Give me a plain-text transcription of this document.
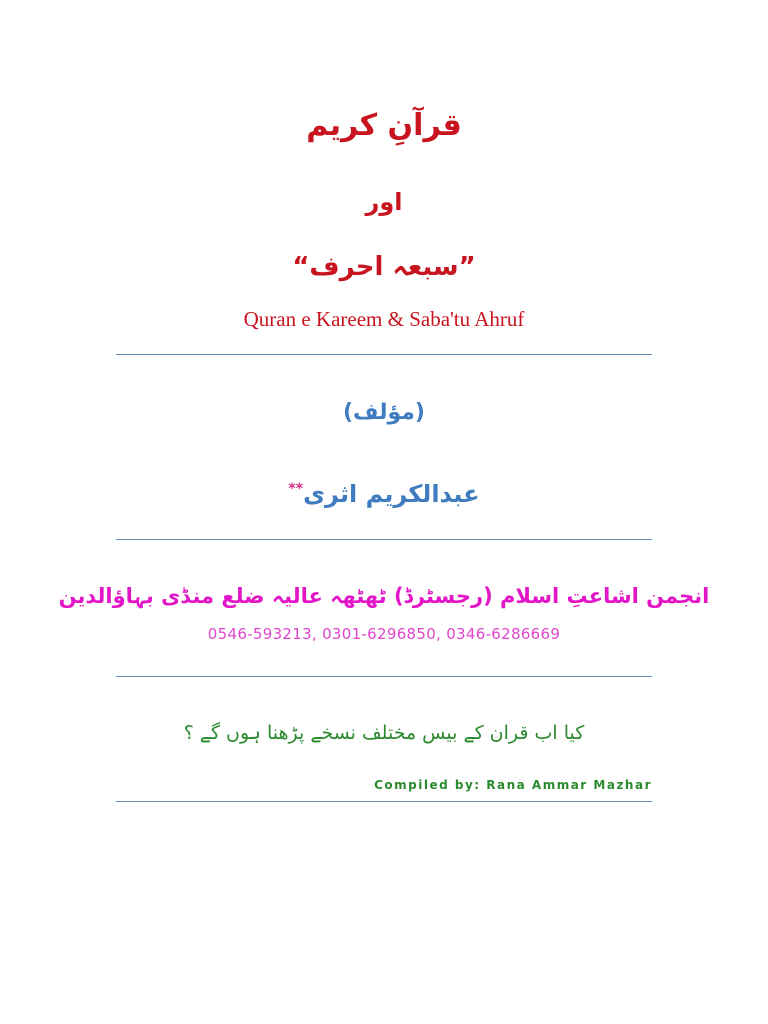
قرآنِ کریم
اور
”سبعہ احرف“
Quran e Kareem & Saba'tu Ahruf
(مؤلف)
عبدالکریم اثری**
انجمن اشاعتِ اسلام (رجسٹرڈ) ٹھٹھہ عالیہ ضلع منڈی بہاؤالدین
0546-593213, 0301-6296850, 0346-6286669
کیا اب قران کے بیس مختلف نسخے پڑھنا ہوں گے ؟
Compiled by: Rana Ammar Mazhar
